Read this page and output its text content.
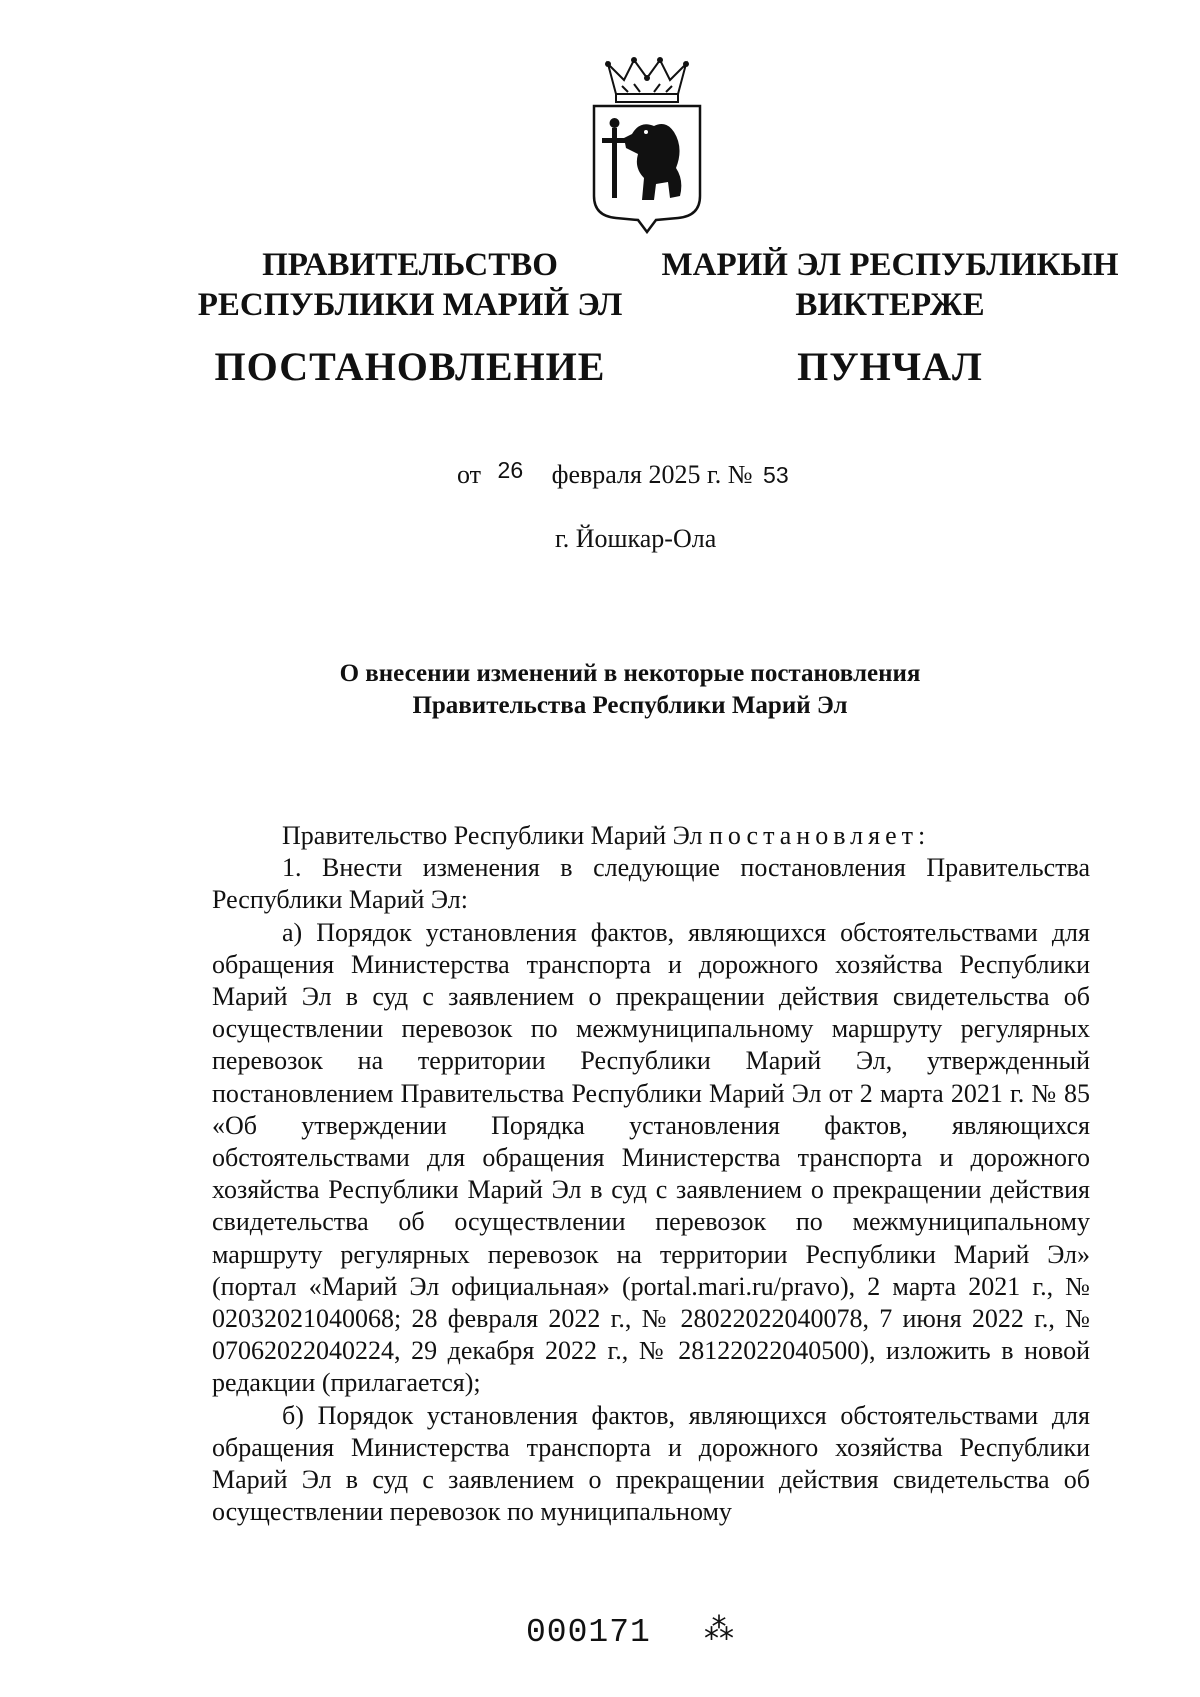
ПРАВИТЕЛЬСТВО
РЕСПУБЛИКИ МАРИЙ ЭЛ
ПОСТАНОВЛЕНИЕ
МАРИЙ ЭЛ РЕСПУБЛИКЫН
ВИКТЕРЖЕ
ПУНЧАЛ
от 26 февраля 2025 г. № 53
г. Йошкар-Ола
О внесении изменений в некоторые постановления
Правительства Республики Марий Эл

Правительство Республики Марий Эл постановляет:

1. Внести изменения в следующие постановления Правительства Республики Марий Эл:

а) Порядок установления фактов, являющихся обстоятельствами для обращения Министерства транспорта и дорожного хозяйства Республики Марий Эл в суд с заявлением о прекращении действия свидетельства об осуществлении перевозок по межмуниципальному маршруту регулярных перевозок на территории Республики Марий Эл, утвержденный постановлением Правительства Республики Марий Эл от 2 марта 2021 г. № 85 «Об утверждении Порядка установления фактов, являющихся обстоятельствами для обращения Министерства транспорта и дорожного хозяйства Республики Марий Эл в суд с заявлением о прекращении действия свидетельства об осуществлении перевозок по межмуниципальному маршруту регулярных перевозок на территории Республики Марий Эл» (портал «Марий Эл официальная» (portal.mari.ru/pravo), 2 марта 2021 г., № 02032021040068; 28 февраля 2022 г., № 28022022040078, 7 июня 2022 г., № 07062022040224, 29 декабря 2022 г., № 28122022040500), изложить в новой редакции (прилагается);

б) Порядок установления фактов, являющихся обстоятельствами для обращения Министерства транспорта и дорожного хозяйства Республики Марий Эл в суд с заявлением о прекращении действия свидетельства об осуществлении перевозок по муниципальному

000171 ⁂
